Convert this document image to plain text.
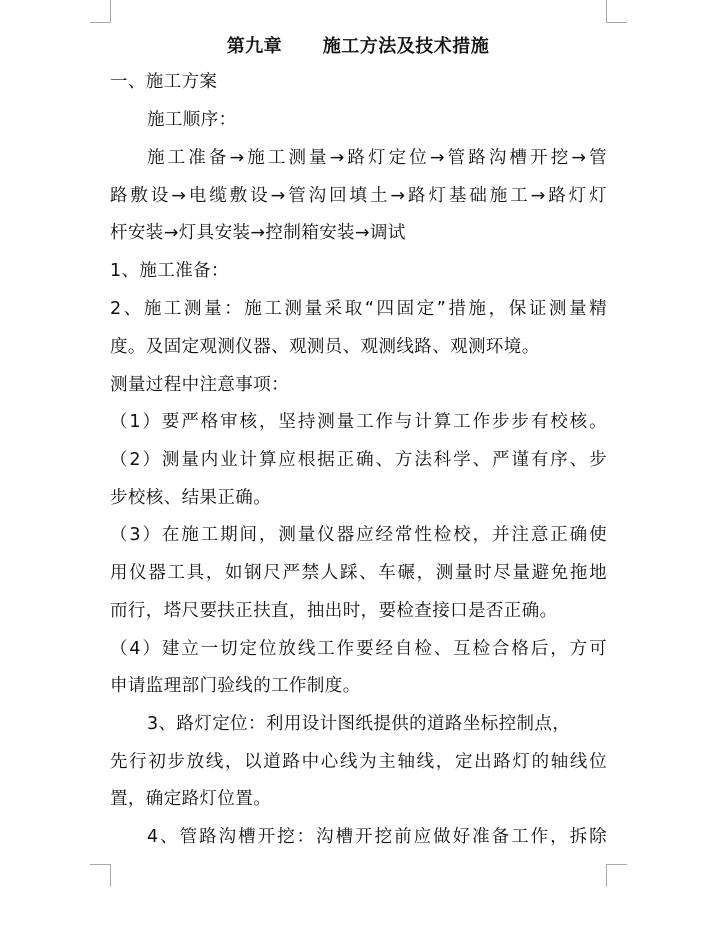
第九章      施工方法及技术措施
一、施工方案
施工顺序：
施工准备→施工测量→路灯定位→管路沟槽开挖→管
路敷设→电缆敷设→管沟回填土→路灯基础施工→路灯灯
杆安装→灯具安装→控制箱安装→调试
1、施工准备：
2、施工测量：施工测量采取“四固定”措施，保证测量精
度。及固定观测仪器、观测员、观测线路、观测环境。
测量过程中注意事项：
（1）要严格审核，坚持测量工作与计算工作步步有校核。
（2）测量内业计算应根据正确、方法科学、严谨有序、步
步校核、结果正确。
（3）在施工期间，测量仪器应经常性检校，并注意正确使
用仪器工具，如钢尺严禁人踩、车碾，测量时尽量避免拖地
而行，塔尺要扶正扶直，抽出时，要检查接口是否正确。
（4）建立一切定位放线工作要经自检、互检合格后，方可
申请监理部门验线的工作制度。
3、路灯定位：利用设计图纸提供的道路坐标控制点，
先行初步放线，以道路中心线为主轴线，定出路灯的轴线位
置，确定路灯位置。
4、管路沟槽开挖：沟槽开挖前应做好准备工作，拆除
